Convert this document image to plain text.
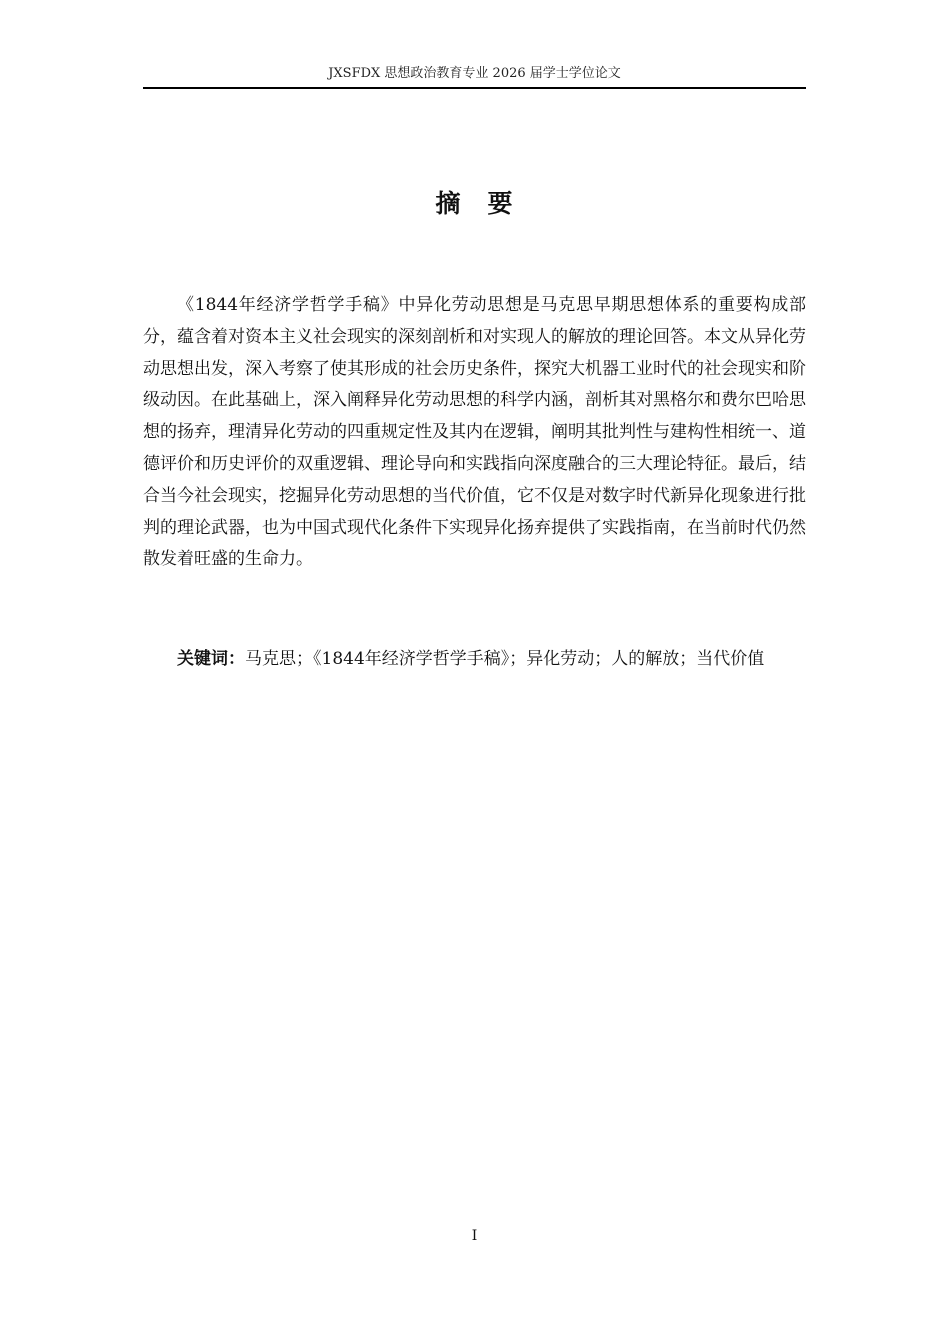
JXSFDX 思想政治教育专业 2026 届学士学位论文
摘　要

《1844年经济学哲学手稿》中异化劳动思想是马克思早期思想体系的重要构成部分，蕴含着对资本主义社会现实的深刻剖析和对实现人的解放的理论回答。本文从异化劳动思想出发，深入考察了使其形成的社会历史条件，探究大机器工业时代的社会现实和阶级动因。在此基础上，深入阐释异化劳动思想的科学内涵，剖析其对黑格尔和费尔巴哈思想的扬弃，理清异化劳动的四重规定性及其内在逻辑，阐明其批判性与建构性相统一、道德评价和历史评价的双重逻辑、理论导向和实践指向深度融合的三大理论特征。最后，结合当今社会现实，挖掘异化劳动思想的当代价值，它不仅是对数字时代新异化现象进行批判的理论武器，也为中国式现代化条件下实现异化扬弃提供了实践指南，在当前时代仍然散发着旺盛的生命力。

关键词：马克思；《1844年经济学哲学手稿》；异化劳动；人的解放；当代价值

I
